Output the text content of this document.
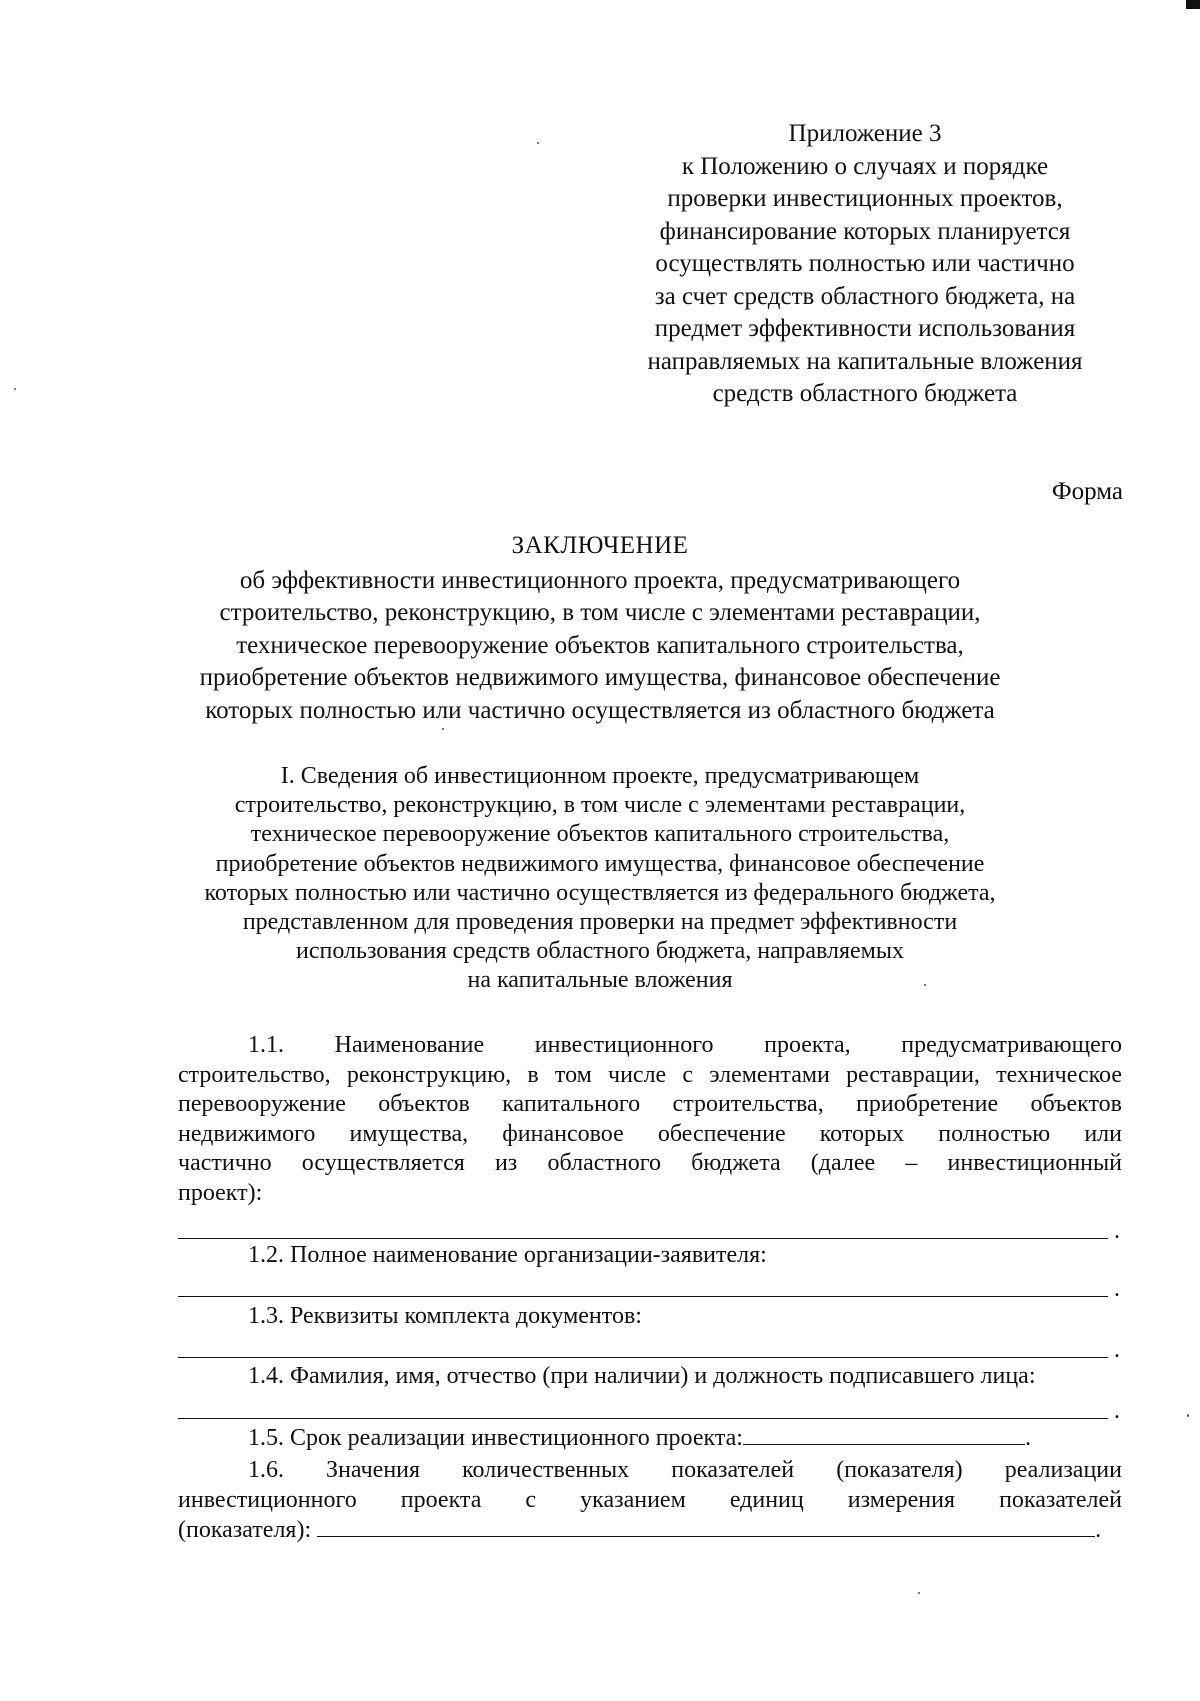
Приложение 3
к Положению о случаях и порядке
проверки инвестиционных проектов,
финансирование которых планируется
осуществлять полностью или частично
за счет средств областного бюджета, на
предмет эффективности использования
направляемых на капитальные вложения
средств областного бюджета
Форма
ЗАКЛЮЧЕНИЕ
об эффективности инвестиционного проекта, предусматривающего
строительство, реконструкцию, в том числе с элементами реставрации,
техническое перевооружение объектов капитального строительства,
приобретение объектов недвижимого имущества, финансовое обеспечение
которых полностью или частично осуществляется из областного бюджета
I. Сведения об инвестиционном проекте, предусматривающем
строительство, реконструкцию, в том числе с элементами реставрации,
техническое перевооружение объектов капитального строительства,
приобретение объектов недвижимого имущества, финансовое обеспечение
которых полностью или частично осуществляется из федерального бюджета,
представленном для проведения проверки на предмет эффективности
использования средств областного бюджета, направляемых
на капитальные вложения
1.1. Наименование инвестиционного проекта, предусматривающего
строительство, реконструкцию, в том числе с элементами реставрации, техническое
перевооружение объектов капитального строительства, приобретение объектов
недвижимого имущества, финансовое обеспечение которых полностью или
частично осуществляется из областного бюджета (далее – инвестиционный
проект):
.
1.2. Полное наименование организации-заявителя:
.
1.3. Реквизиты комплекта документов:
.
1.4. Фамилия, имя, отчество (при наличии) и должность подписавшего лица:
.
1.5. Срок реализации инвестиционного проекта:	.
1.6. Значения количественных показателей (показателя) реализации
инвестиционного проекта с указанием единиц измерения показателей
(показателя):	.
